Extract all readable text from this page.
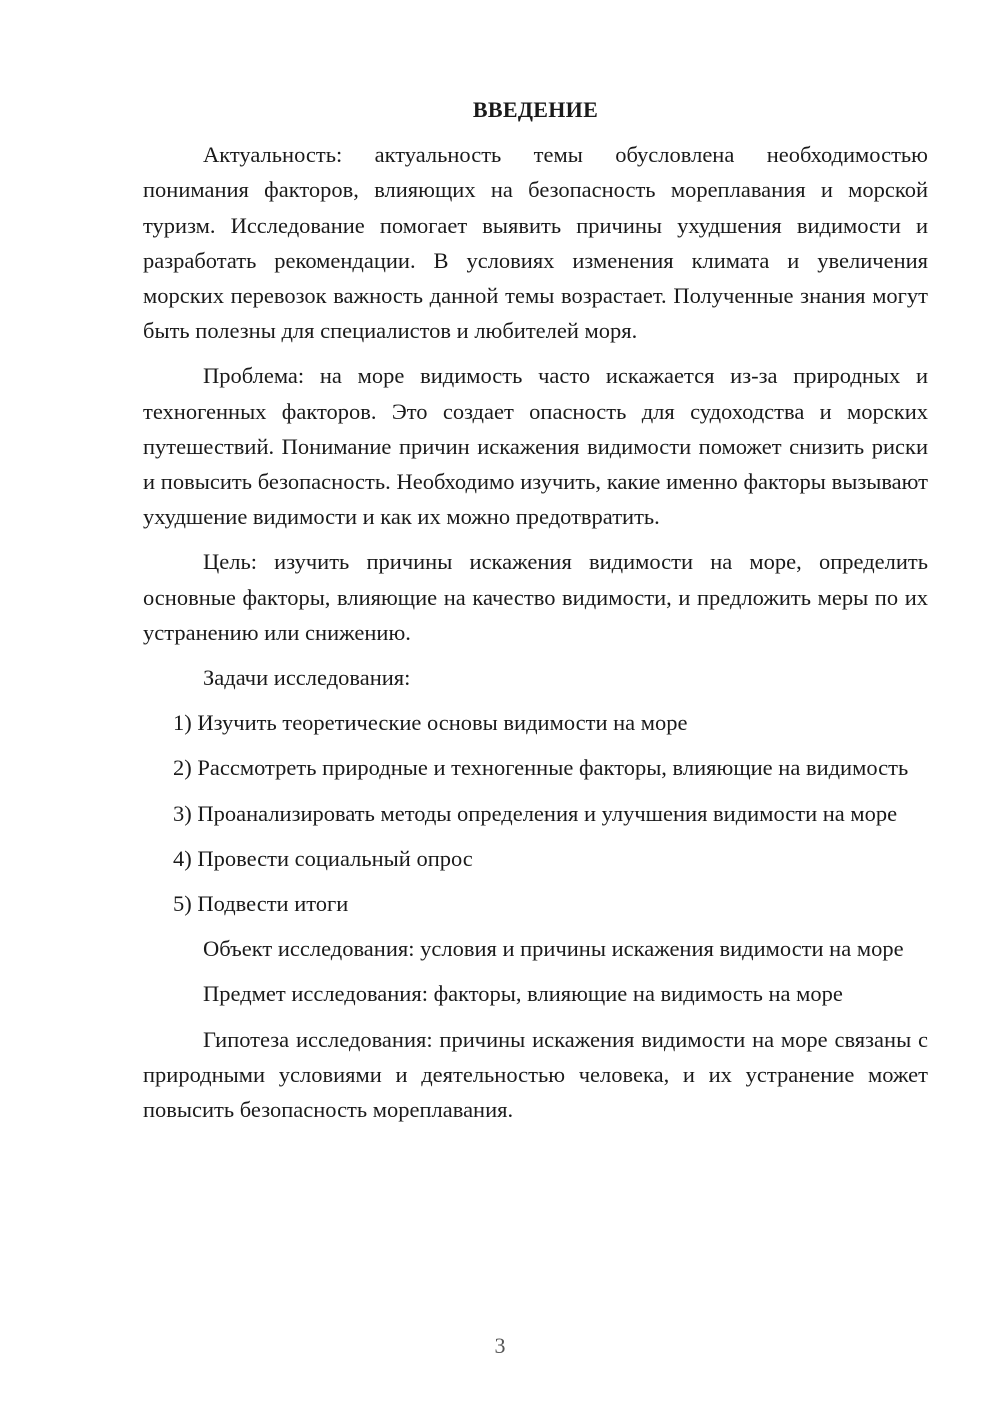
ВВЕДЕНИЕ

Актуальность: актуальность темы обусловлена необходимостью понимания факторов, влияющих на безопасность мореплавания и морской туризм. Исследование помогает выявить причины ухудшения видимости и разработать рекомендации. В условиях изменения климата и увеличения морских перевозок важность данной темы возрастает. Полученные знания могут быть полезны для специалистов и любителей моря.

Проблема: на море видимость часто искажается из-за природных и техногенных факторов. Это создает опасность для судоходства и морских путешествий. Понимание причин искажения видимости поможет снизить риски и повысить безопасность. Необходимо изучить, какие именно факторы вызывают ухудшение видимости и как их можно предотвратить.

Цель: изучить причины искажения видимости на море, определить основные факторы, влияющие на качество видимости, и предложить меры по их устранению или снижению.

Задачи исследования:

1) Изучить теоретические основы видимости на море

2) Рассмотреть природные и техногенные факторы, влияющие на видимость

3) Проанализировать методы определения и улучшения видимости на море

4) Провести социальный опрос

5) Подвести итоги

Объект исследования: условия и причины искажения видимости на море

Предмет исследования: факторы, влияющие на видимость на море

Гипотеза исследования: причины искажения видимости на море связаны с природными условиями и деятельностью человека, и их устранение может повысить безопасность мореплавания.

3
